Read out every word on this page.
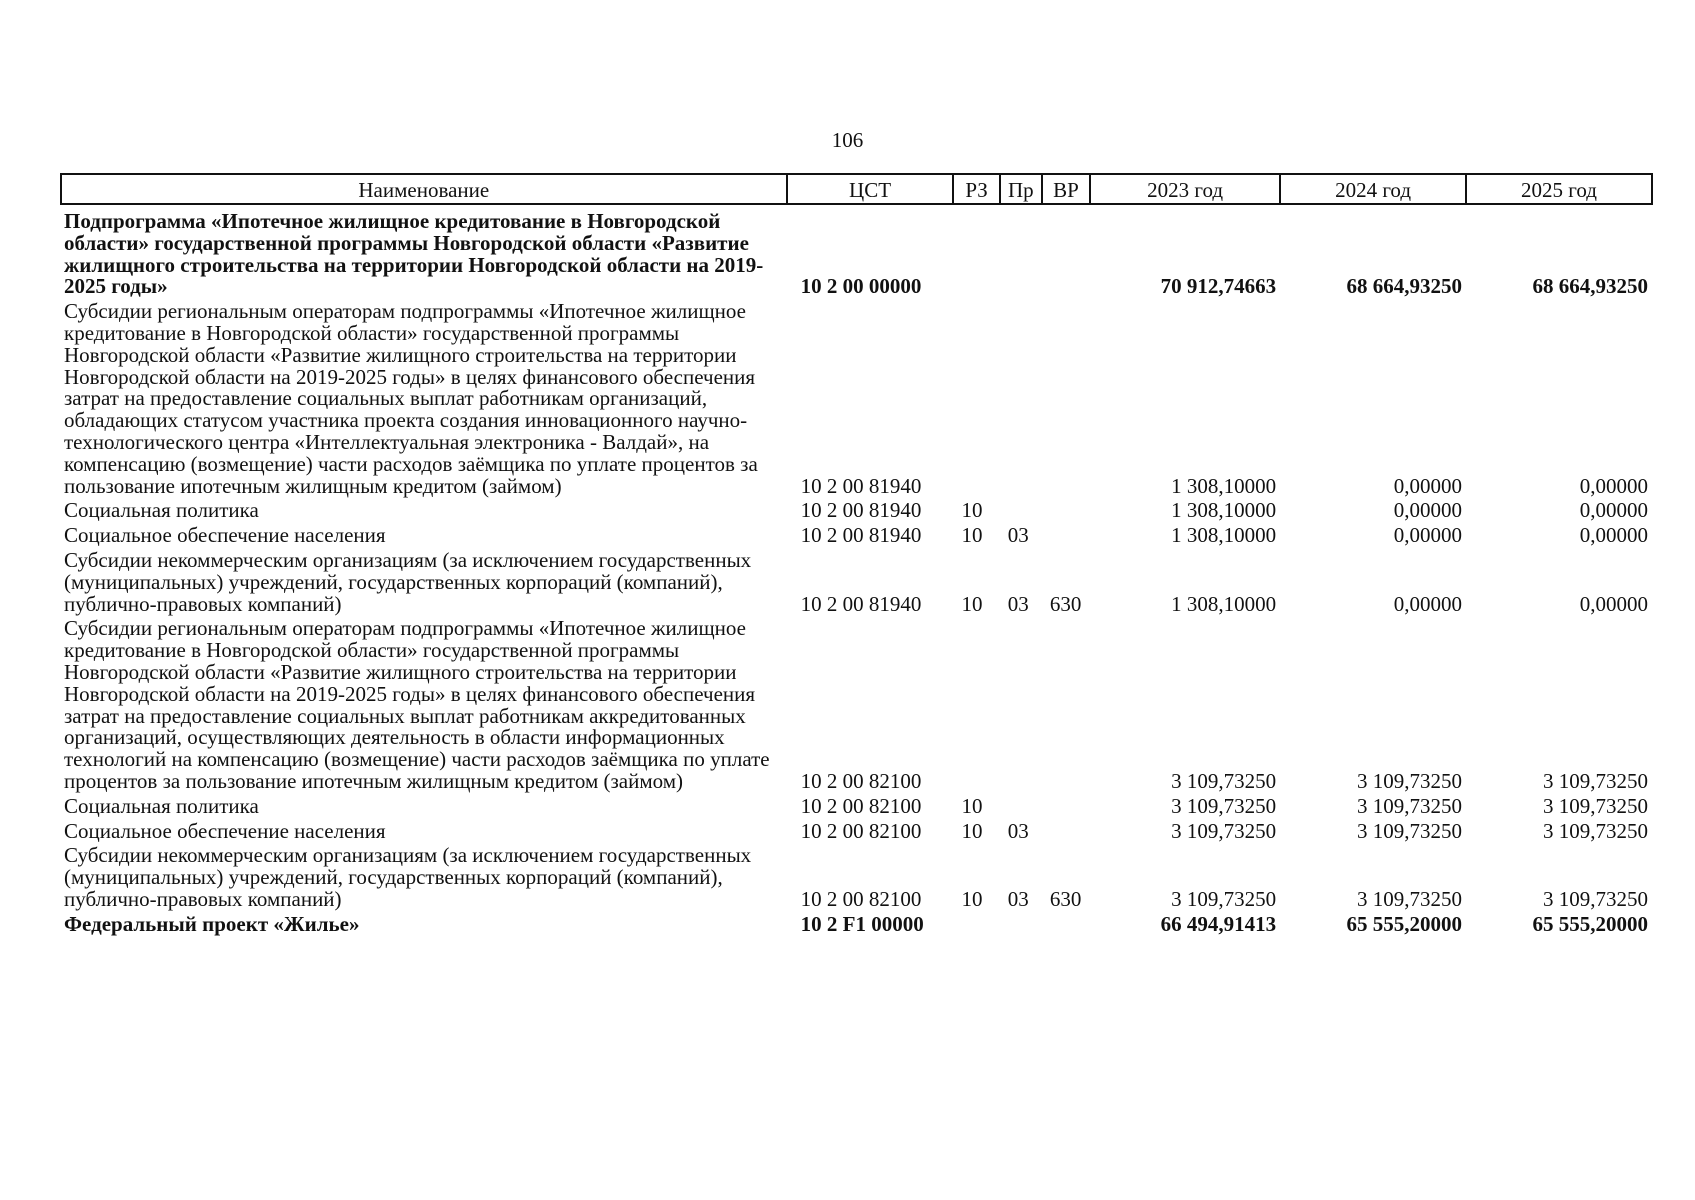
106
Наименование	ЦСТ	РЗ	Пр	ВР	2023 год	2024 год	2025 год
Подпрограмма «Ипотечное жилищное кредитование в Новгородской области» государственной программы Новгородской области «Развитие жилищного строительства на территории Новгородской области на 2019-2025 годы»	10 2 00 00000				70 912,74663	68 664,93250	68 664,93250
Субсидии региональным операторам подпрограммы «Ипотечное жилищное кредитование в Новгородской области» государственной программы Новгородской области «Развитие жилищного строительства на территории Новгородской области на 2019-2025 годы» в целях финансового обеспечения затрат на предоставление социальных выплат работникам организаций, обладающих статусом участника проекта создания инновационного научно-технологического центра «Интеллектуальная электроника - Валдай», на компенсацию (возмещение) части расходов заёмщика по уплате процентов за пользование ипотечным жилищным кредитом (займом)	10 2 00 81940				1 308,10000	0,00000	0,00000
Социальная политика	10 2 00 81940	10			1 308,10000	0,00000	0,00000
Социальное обеспечение населения	10 2 00 81940	10	03		1 308,10000	0,00000	0,00000
Субсидии некоммерческим организациям (за исключением государственных (муниципальных) учреждений, государственных корпораций (компаний), публично-правовых компаний)	10 2 00 81940	10	03	630	1 308,10000	0,00000	0,00000
Субсидии региональным операторам подпрограммы «Ипотечное жилищное кредитование в Новгородской области» государственной программы Новгородской области «Развитие жилищного строительства на территории Новгородской области на 2019-2025 годы» в целях финансового обеспечения затрат на предоставление социальных выплат работникам аккредитованных организаций, осуществляющих деятельность в области информационных технологий на компенсацию (возмещение) части расходов заёмщика по уплате процентов за пользование ипотечным жилищным кредитом (займом)	10 2 00 82100				3 109,73250	3 109,73250	3 109,73250
Социальная политика	10 2 00 82100	10			3 109,73250	3 109,73250	3 109,73250
Социальное обеспечение населения	10 2 00 82100	10	03		3 109,73250	3 109,73250	3 109,73250
Субсидии некоммерческим организациям (за исключением государственных (муниципальных) учреждений, государственных корпораций (компаний), публично-правовых компаний)	10 2 00 82100	10	03	630	3 109,73250	3 109,73250	3 109,73250
Федеральный проект «Жилье»	10 2 F1 00000				66 494,91413	65 555,20000	65 555,20000
